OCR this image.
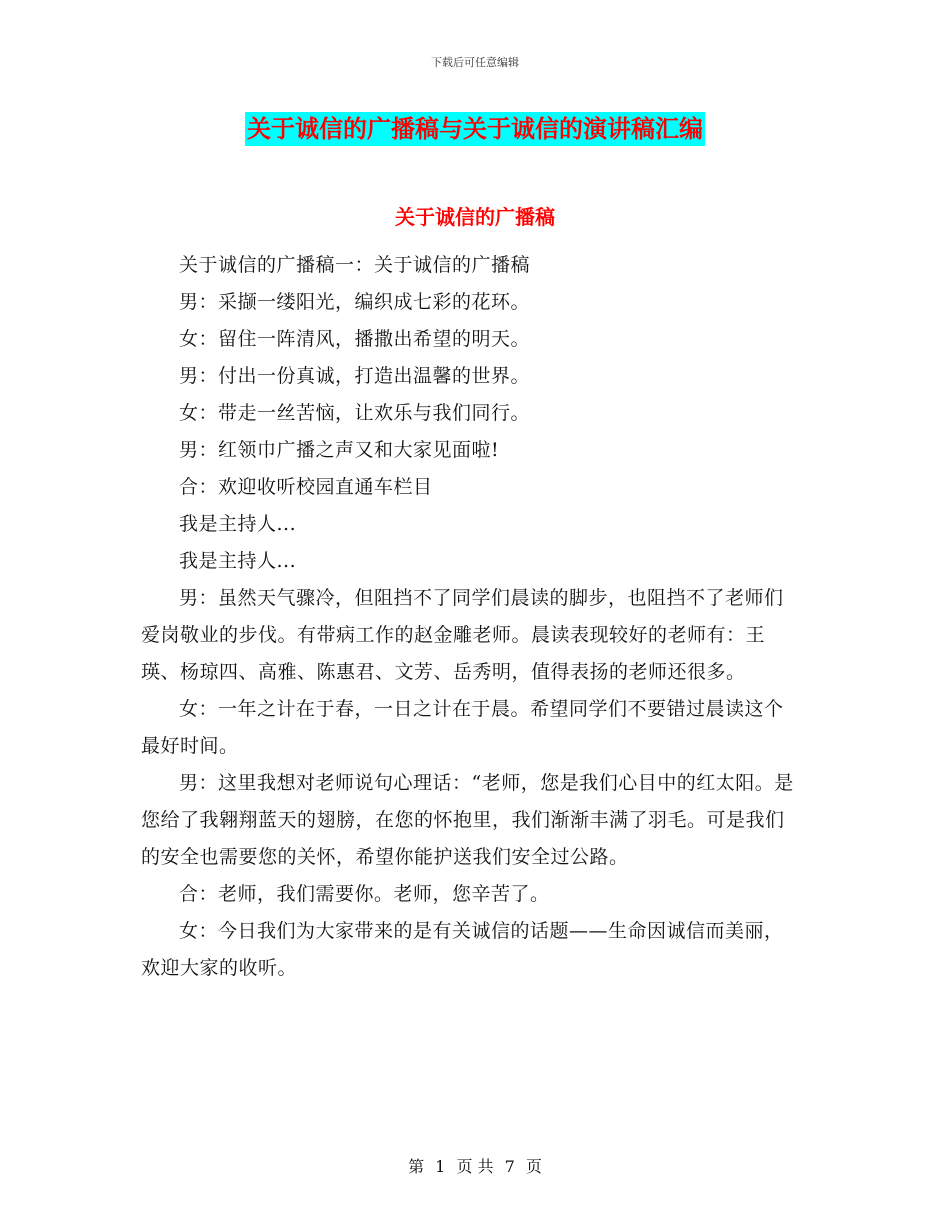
下载后可任意编辑
关于诚信的广播稿与关于诚信的演讲稿汇编
关于诚信的广播稿

关于诚信的广播稿一：关于诚信的广播稿

男：采撷一缕阳光，编织成七彩的花环。

女：留住一阵清风，播撒出希望的明天。

男：付出一份真诚，打造出温馨的世界。

女：带走一丝苦恼，让欢乐与我们同行。

男：红领巾广播之声又和大家见面啦!

合：欢迎收听校园直通车栏目

我是主持人...

我是主持人...

男：虽然天气骤冷，但阻挡不了同学们晨读的脚步，也阻挡不了老师们爱岗敬业的步伐。有带病工作的赵金雕老师。晨读表现较好的老师有：王瑛、杨琼四、高雅、陈惠君、文芳、岳秀明，值得表扬的老师还很多。

女：一年之计在于春，一日之计在于晨。希望同学们不要错过晨读这个最好时间。

男：这里我想对老师说句心理话：“老师，您是我们心目中的红太阳。是您给了我翱翔蓝天的翅膀，在您的怀抱里，我们渐渐丰满了羽毛。可是我们的安全也需要您的关怀，希望你能护送我们安全过公路。

合：老师，我们需要你。老师，您辛苦了。

女：今日我们为大家带来的是有关诚信的话题——生命因诚信而美丽，欢迎大家的收听。

第 1 页 共 7 页
